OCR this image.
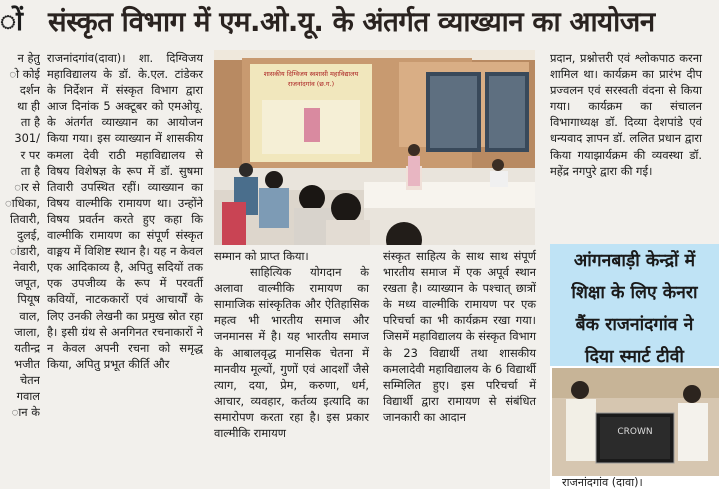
ों संस्कृत विभाग में एम.ओ.यू. के अंतर्गत व्याख्यान का आयोजन
न हेतु
ो कोई
दर्शन
था ही
ता है
301/
र पर
ता है
ार से
ाधिका,
तिवारी,
दुलई,
ांडारी,
नेवारी,
जपूत,
पियूष
वाल,
जाला,
यतीन्द्र
भजीत
चेतन
गवाल
ान के

राजनांदगांव(दावा)। शा. दिग्विजय महाविद्यालय के डॉ. के.एल. टांडेकर के निर्देशन में संस्कृत विभाग द्वारा आज दिनांक 5 अक्टूबर को एमओयू. के अंतर्गत व्याख्यान का आयोजन किया गया। इस व्याख्यान में शासकीय कमला देवी राठी महाविद्यालय से विषय विशेषज्ञ के रूप में डॉ. सुषमा तिवारी उपस्थित रहीं। व्याख्यान का विषय वाल्मीकि रामायण था। उन्होंने विषय प्रवर्तन करते हुए कहा कि वाल्मीकि रामायण का संपूर्ण संस्कृत वाङ्मय में विशिष्ट स्थान है। यह न केवल एक आदिकाव्य है, अपितु सदियों तक एक उपजीव्य के रूप में परवर्ती कवियों, नाटककारों एवं आचार्यों के लिए उनकी लेखनी का प्रमुख स्रोत रहा है। इसी ग्रंथ से अनगिनत रचनाकारों ने न केवल अपनी रचना को समृद्ध किया, अपितु प्रभूत कीर्ति और

शासकीय दिग्विजय स्वशासी महाविद्यालय
राजनांदगांव (छ.ग.)

सम्मान को प्राप्त किया।

साहित्यिक योगदान के अलावा वाल्मीकि रामायण का सामाजिक सांस्कृतिक और ऐतिहासिक महत्व भी भारतीय समाज और जनमानस में है। यह भारतीय समाज के आबालवृद्ध मानसिक चेतना में मानवीय मूल्यों, गुणों एवं आदर्शों जैसे त्याग, दया, प्रेम, करुणा, धर्म, आचार, व्यवहार, कर्तव्य इत्यादि का समारोपण करता रहा है। इस प्रकार वाल्मीकि रामायण

संस्कृत साहित्य के साथ साथ संपूर्ण भारतीय समाज में एक अपूर्व स्थान रखता है। व्याख्यान के पश्चात् छात्रों के मध्य वाल्मीकि रामायण पर एक परिचर्चा का भी कार्यक्रम रखा गया। जिसमें महाविद्यालय के संस्कृत विभाग के 23 विद्यार्थी तथा शासकीय कमलादेवी महाविद्यालय के 6 विद्यार्थी सम्मिलित हुए। इस परिचर्चा में विद्यार्थी द्वारा रामायण से संबंधित जानकारी का आदान

प्रदान, प्रश्नोत्तरी एवं श्लोकपाठ करना शामिल था। कार्यक्रम का प्रारंभ दीप प्रज्वलन एवं सरस्वती वंदना से किया गया। कार्यक्रम का संचालन विभागाध्यक्ष डॉ. दिव्या देशपांडे एवं धन्यवाद ज्ञापन डॉ. ललित प्रधान द्वारा किया गयाझार्यक्रम की व्यवस्था डॉ. महेंद्र नगपुरे द्वारा की गई।

आंगनबाड़ी केन्द्रों में
शिक्षा के लिए केनरा
बैंक राजनांदगांव ने
दिया स्मार्ट टीवी
CROWN
राजनांदगांव (दावा)।
